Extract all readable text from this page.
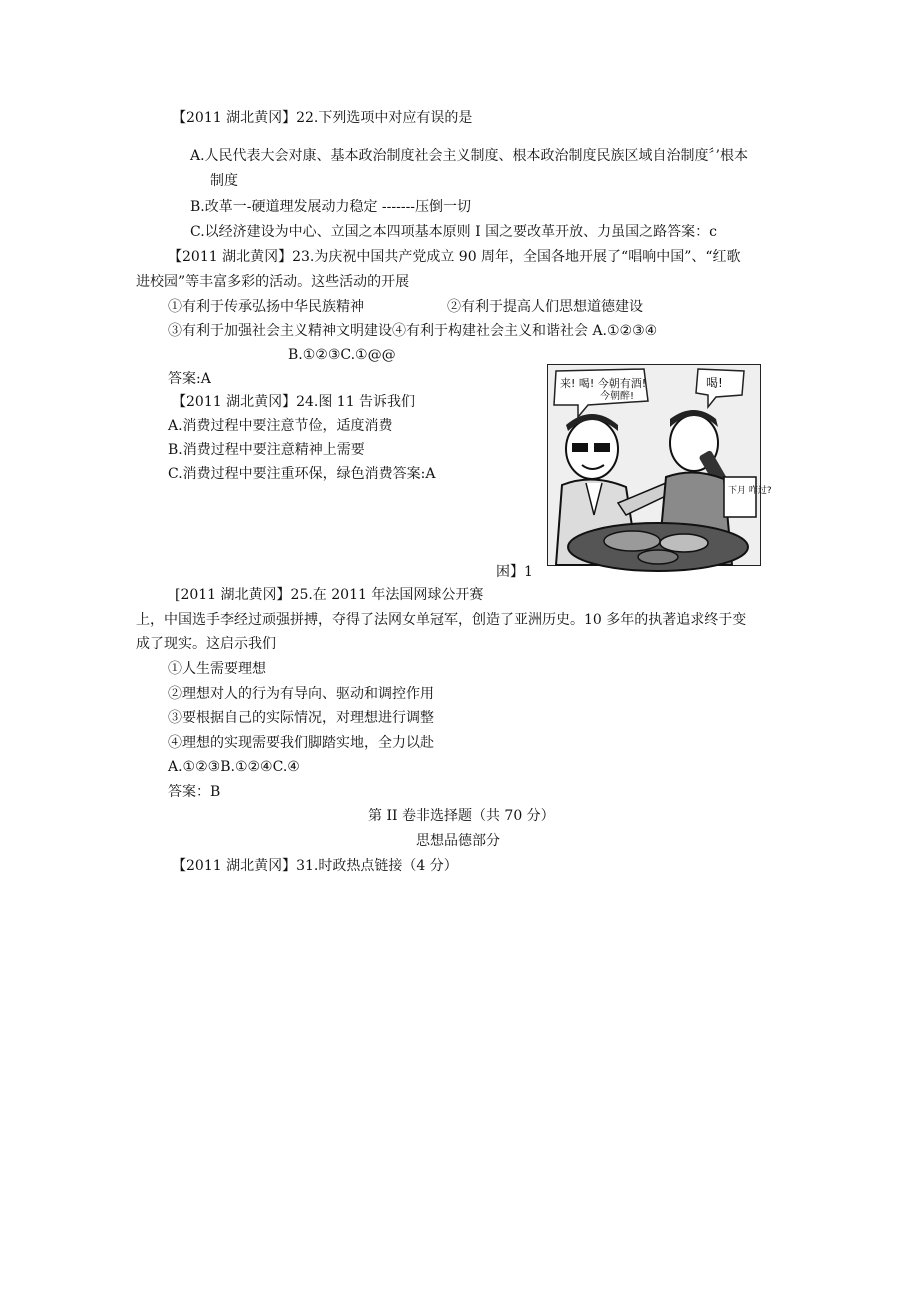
【2011 湖北黄冈】22.下列选项中对应有误的是
A.人民代表大会对康、基本政治制度社会主义制度、根本政治制度民族区域自治制度〞’根本
制度
B.改革一-硬道理发展动力稳定 -------压倒一切
C.以经济建设为中心、立国之本四项基本原则 I 国之要改革开放、力虽国之路答案：c
【2011 湖北黄冈】23.为庆祝中国共产党成立 90 周年，全国各地开展了“唱响中国”、“红歌
进校园”等丰富多彩的活动。这些活动的开展
①有利于传承弘扬中华民族精神	②有利于提高人们思想道德建设
③有利于加强社会主义精神文明建设④有利于构建社会主义和谐社会 A.①②③④
B.①②③C.①@@
答案:A
【2011 湖北黄冈】24.图 11 告诉我们
A.消费过程中要注意节俭，适度消费
B.消费过程中要注意精神上需要
C.消费过程中要注重环保，绿色消费答案:A
来! 喝! 今朝有酒!
今朝醉!
喝!
下月 咋过?
困】1
[2011 湖北黄冈】25.在 2011 年法国网球公开赛
上，中国选手李经过顽强拼搏，夺得了法网女单冠军，创造了亚洲历史。10 多年的执著追求终于变
成了现实。这启示我们
①人生需要理想
②理想对人的行为有导向、驱动和调控作用
③要根据自己的实际情况，对理想进行调整
④理想的实现需要我们脚踏实地，全力以赴
A.①②③B.①②④C.④
答案：B
第 II 卷非选择题（共 70 分）
思想品德部分
【2011 湖北黄冈】31.时政热点链接（4 分）
